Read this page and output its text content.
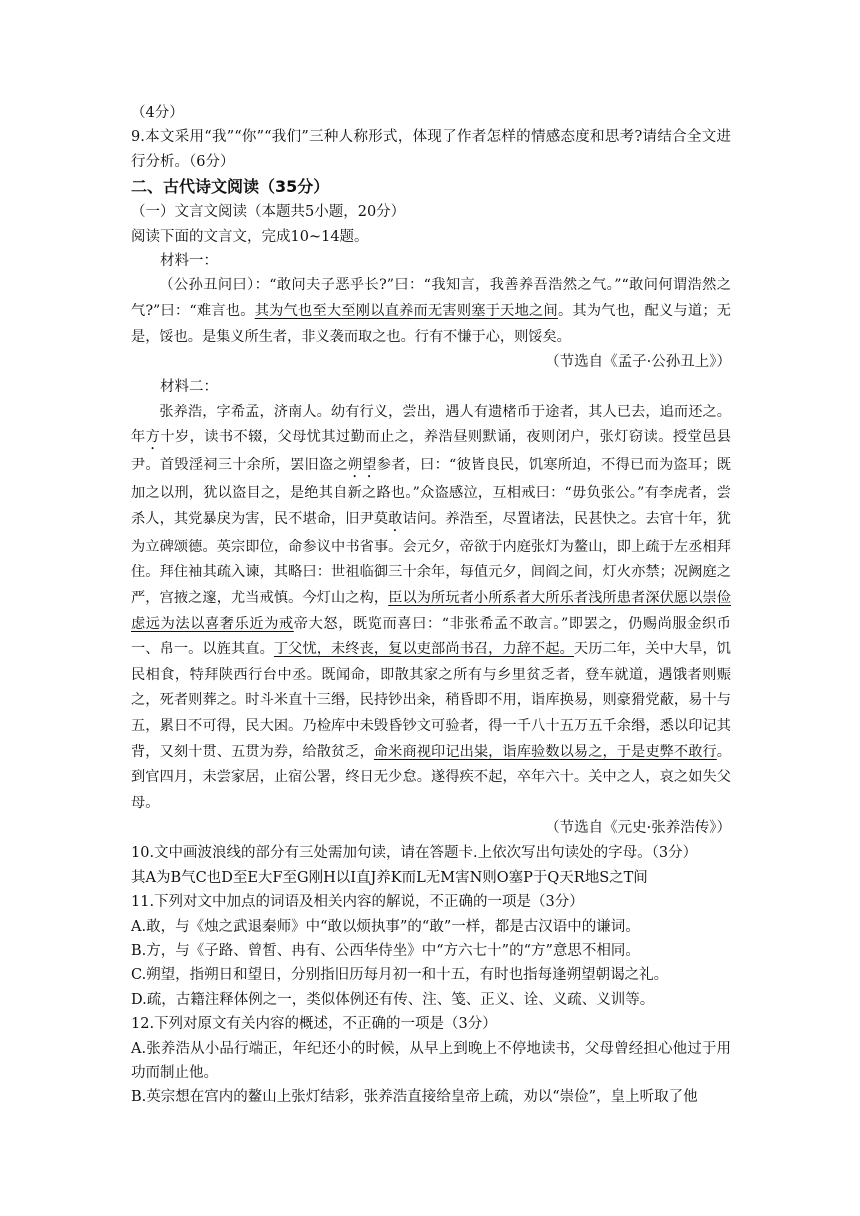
（4分）
9.本文采用“我”“你”“我们”三种人称形式，体现了作者怎样的情感态度和思考?请结合全文进行分析。（6分）
二、古代诗文阅读（35分）
（一）文言文阅读（本题共5小题，20分）
阅读下面的文言文，完成10~14题。
材料一：
（公孙丑问曰）：“敢问夫子恶乎长?”曰：“我知言，我善养吾浩然之气。”“敢问何谓浩然之气?”曰：“难言也。其为气也至大至刚以直养而无害则塞于天地之间。其为气也，配义与道；无是，馁也。是集义所生者，非义袭而取之也。行有不慊于心，则馁矣。
（节选自《孟子·公孙丑上》）
材料二：
张养浩，字希孟，济南人。幼有行义，尝出，遇人有遗楮币于途者，其人已去，追而还之。年方十岁，读书不辍，父母忧其过勤而止之，养浩昼则默诵，夜则闭户，张灯窃读。授堂邑县尹。首毁淫祠三十余所，罢旧盗之朔望参者，曰：“彼皆良民，饥寒所迫，不得已而为盗耳；既加之以刑，犹以盗目之，是绝其自新之路也。”众盗感泣，互相戒曰：“毋负张公。”有李虎者，尝杀人，其党暴戾为害，民不堪命，旧尹莫敢诘问。养浩至，尽置诸法，民甚快之。去官十年，犹为立碑颂德。英宗即位，命参议中书省事。会元夕，帝欲于内庭张灯为鳌山，即上疏于左丞相拜住。拜住袖其疏入谏，其略曰：世祖临御三十余年，每值元夕，闾阎之间，灯火亦禁；况阙庭之严，宫掖之邃，尤当戒慎。今灯山之构，臣以为所玩者小所系者大所乐者浅所患者深伏愿以崇俭虑远为法以喜奢乐近为戒帝大怒，既览而喜曰：“非张希孟不敢言。”即罢之，仍赐尚服金织币一、帛一。以旌其直。丁父忧，未终丧，复以吏部尚书召，力辞不起。天历二年，关中大旱，饥民相食，特拜陕西行台中丞。既闻命，即散其家之所有与乡里贫乏者，登车就道，遇饿者则赈之，死者则葬之。时斗米直十三缗，民持钞出籴，稍昏即不用，诣库换易，则豪猾党蔽，易十与五，累日不可得，民大困。乃检库中未毁昏钞文可验者，得一千八十五万五千余缗，悉以印记其背，又刻十贯、五贯为券，给散贫乏，命米商视印记出粜，诣库验数以易之，于是吏弊不敢行。到官四月，未尝家居，止宿公署，终日无少怠。遂得疾不起，卒年六十。关中之人，哀之如失父母。
（节选自《元史·张养浩传》）
10.文中画波浪线的部分有三处需加句读，请在答题卡.上依次写出句读处的字母。（3分）
其A为B气C也D至E大F至G刚H以I直J养K而L无M害N则O塞P于Q天R地S之T间
11.下列对文中加点的词语及相关内容的解说，不正确的一项是（3分）
A.敢，与《烛之武退秦师》中“敢以烦执事”的“敢”一样，都是古汉语中的谦词。
B.方，与《子路、曾皙、冉有、公西华侍坐》中“方六七十”的“方”意思不相同。
C.朔望，指朔日和望日，分别指旧历每月初一和十五，有时也指每逢朔望朝谒之礼。
D.疏，古籍注释体例之一，类似体例还有传、注、笺、正义、诠、义疏、义训等。
12.下列对原文有关内容的概述，不正确的一项是（3分）
A.张养浩从小品行端正，年纪还小的时候，从早上到晚上不停地读书，父母曾经担心他过于用功而制止他。
B.英宗想在宫内的鳌山上张灯结彩，张养浩直接给皇帝上疏，劝以“崇俭”，皇上听取了他
